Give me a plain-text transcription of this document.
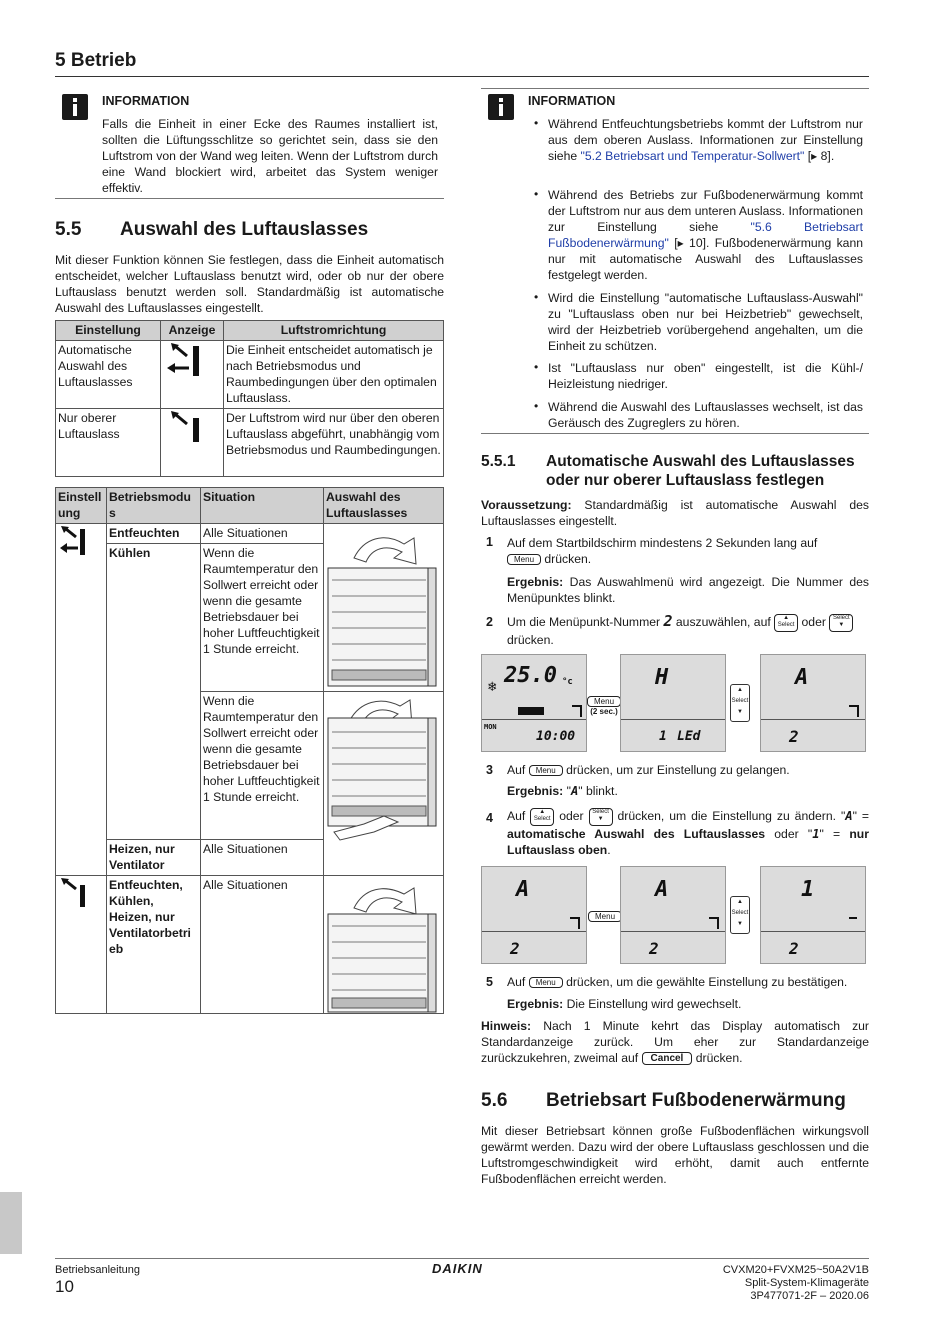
5 Betrieb
INFORMATION
Falls die Einheit in einer Ecke des Raumes installiert ist, sollten die Lüftungsschlitze so gerichtet sein, dass sie den Luftstrom von der Wand weg leiten. Wenn der Luftstrom durch eine Wand blockiert wird, arbeitet das System weniger effektiv.
5.5 Auswahl des Luftauslasses
Mit dieser Funktion können Sie festlegen, dass die Einheit automatisch entscheidet, welcher Luftauslass benutzt wird, oder ob nur der obere Luftauslass benutzt werden soll. Standardmäßig ist automatische Auswahl des Luftauslasses eingestellt.
Einstellung	Anzeige	Luftstromrichtung
Automatische Auswahl des Luftauslasses		Die Einheit entscheidet automatisch je nach Betriebsmodus und Raumbedingungen über den optimalen Luftauslass.
Nur oberer Luftauslass		Der Luftstrom wird nur über den oberen Luftauslass abgeführt, unabhängig vom Betriebsmodus und Raumbedingungen.
Einstell ung	Betriebsmodu s	Situation	Auswahl des Luftauslasses
	Entfeuchten	Alle Situationen	
	Kühlen	Wenn die Raumtemperatur den Sollwert erreicht oder wenn die gesamte Betriebsdauer bei hoher Luftfeuchtigkeit 1 Stunde erreicht.	
		Wenn die Raumtemperatur den Sollwert erreicht oder wenn die gesamte Betriebsdauer bei hoher Luftfeuchtigkeit 1 Stunde erreicht.	
	Heizen, nur Ventilator	Alle Situationen	
	Entfeuchten, Kühlen, Heizen, nur Ventilatorbetri eb	Alle Situationen	
INFORMATION
• Während Entfeuchtungsbetriebs kommt der Luftstrom nur aus dem oberen Auslass. Informationen zur Einstellung siehe "5.2 Betriebsart und Temperatur-Sollwert" [▸ 8].
• Während des Betriebs zur Fußbodenerwärmung kommt der Luftstrom nur aus dem unteren Auslass. Informationen zur Einstellung siehe "5.6 Betriebsart Fußbodenerwärmung" [▸ 10]. Fußbodenerwärmung kann nur mit automatische Auswahl des Luftauslasses festgelegt werden.
• Wird die Einstellung "automatische Luftauslass-Auswahl" zu "Luftauslass oben nur bei Heizbetrieb" gewechselt, wird der Heizbetrieb vorübergehend angehalten, um die Einheit zu schützen.
• Ist "Luftauslass nur oben" eingestellt, ist die Kühl-/ Heizleistung niedriger.
• Während die Auswahl des Luftauslasses wechselt, ist das Geräusch des Zugreglers zu hören.
5.5.1 Automatische Auswahl des Luftauslasses oder nur oberer Luftauslass festlegen
Voraussetzung: Standardmäßig ist automatische Auswahl des Luftauslasses eingestellt.
1 Auf dem Startbildschirm mindestens 2 Sekunden lang auf
Menu drücken.
Ergebnis: Das Auswahlmenü wird angezeigt. Die Nummer des Menüpunktes blinkt.
2 Um die Menüpunkt-Nummer 2 auszuwählen, auf ▲
Select oder Select
▼
drücken.
❄ 25.0 °c
MON
10:00
Menu
(2 sec.)
H
1 LEd
▲
Select
▼
A
2
3 Auf Menu drücken, um zur Einstellung zu gelangen.
Ergebnis: "A" blinkt.
4 Auf ▲
Select oder Select
▼ drücken, um die Einstellung zu ändern. "A" = automatische Auswahl des Luftauslasses oder "1" = nur Luftauslass oben.
A
2
Menu
A
2
▲
Select
▼
1
2
5 Auf Menu drücken, um die gewählte Einstellung zu bestätigen.
Ergebnis: Die Einstellung wird gewechselt.
Hinweis: Nach 1 Minute kehrt das Display automatisch zur Standardanzeige zurück. Um eher zur Standardanzeige zurückzukehren, zweimal auf Cancel drücken.
5.6 Betriebsart Fußbodenerwärmung
Mit dieser Betriebsart können große Fußbodenflächen wirkungsvoll gewärmt werden. Dazu wird der obere Luftauslass geschlossen und die Luftstromgeschwindigkeit wird erhöht, damit auch entfernte Fußbodenflächen erreicht werden.
Betriebsanleitung
10
DAIKIN	CVXM20+FVXM25~50A2V1B
Split-System-Klimageräte
3P477071-2F – 2020.06
